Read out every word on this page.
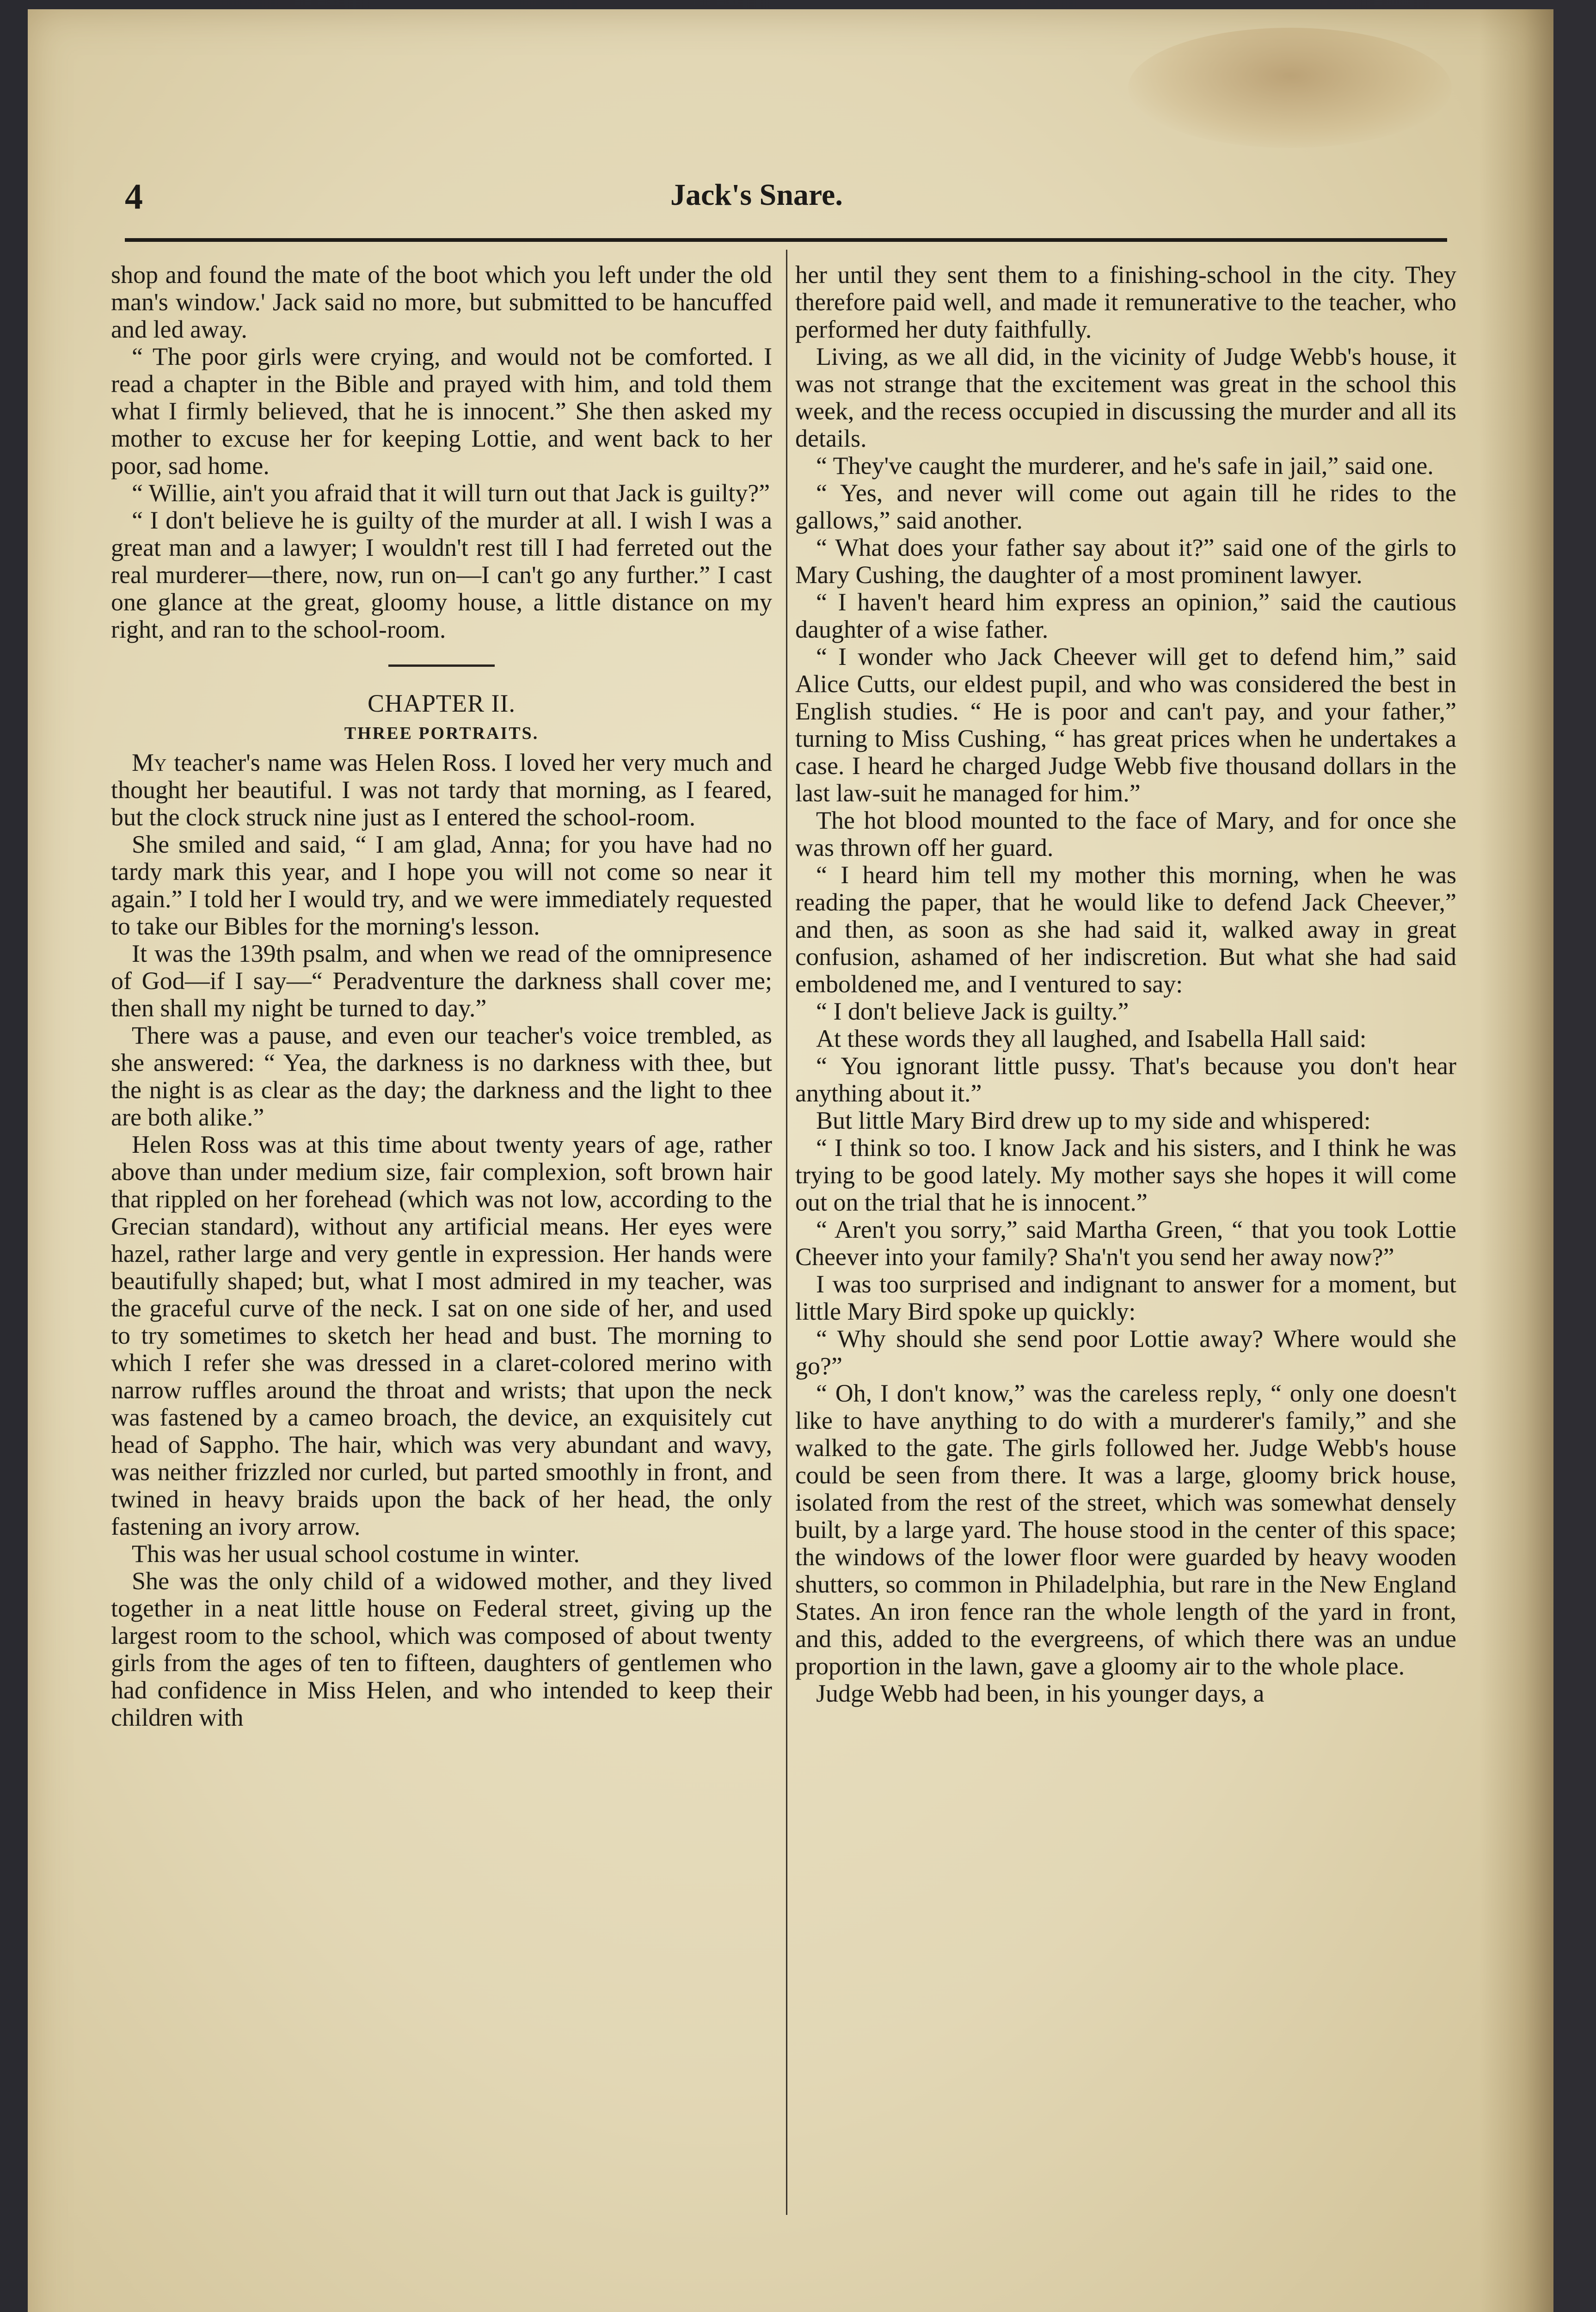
4	Jack's Snare.

shop and found the mate of the boot which you left under the old man's window.' Jack said no more, but submitted to be hancuffed and led away.

“ The poor girls were crying, and would not be comforted. I read a chapter in the Bible and prayed with him, and told them what I firmly believed, that he is innocent.” She then asked my mother to excuse her for keeping Lottie, and went back to her poor, sad home.

“ Willie, ain't you afraid that it will turn out that Jack is guilty?”

“ I don't believe he is guilty of the murder at all. I wish I was a great man and a lawyer; I wouldn't rest till I had ferreted out the real murderer—there, now, run on—I can't go any further.” I cast one glance at the great, gloomy house, a little distance on my right, and ran to the school-room.

CHAPTER II.
THREE PORTRAITS.

My teacher's name was Helen Ross. I loved her very much and thought her beautiful. I was not tardy that morning, as I feared, but the clock struck nine just as I entered the school-room.

She smiled and said, “ I am glad, Anna; for you have had no tardy mark this year, and I hope you will not come so near it again.” I told her I would try, and we were immediately requested to take our Bibles for the morning's lesson.

It was the 139th psalm, and when we read of the omnipresence of God—if I say—“ Peradventure the darkness shall cover me; then shall my night be turned to day.”

There was a pause, and even our teacher's voice trembled, as she answered: “ Yea, the darkness is no darkness with thee, but the night is as clear as the day; the darkness and the light to thee are both alike.”

Helen Ross was at this time about twenty years of age, rather above than under medium size, fair complexion, soft brown hair that rippled on her forehead (which was not low, according to the Grecian standard), without any artificial means. Her eyes were hazel, rather large and very gentle in expression. Her hands were beautifully shaped; but, what I most admired in my teacher, was the graceful curve of the neck. I sat on one side of her, and used to try sometimes to sketch her head and bust. The morning to which I refer she was dressed in a claret-colored merino with narrow ruffles around the throat and wrists; that upon the neck was fastened by a cameo broach, the device, an exquisitely cut head of Sappho. The hair, which was very abundant and wavy, was neither frizzled nor curled, but parted smoothly in front, and twined in heavy braids upon the back of her head, the only fastening an ivory arrow.

This was her usual school costume in winter.

She was the only child of a widowed mother, and they lived together in a neat little house on Federal street, giving up the largest room to the school, which was composed of about twenty girls from the ages of ten to fifteen, daughters of gentlemen who had confidence in Miss Helen, and who intended to keep their children with

her until they sent them to a finishing-school in the city. They therefore paid well, and made it remunerative to the teacher, who performed her duty faithfully.

Living, as we all did, in the vicinity of Judge Webb's house, it was not strange that the excitement was great in the school this week, and the recess occupied in discussing the murder and all its details.

“ They've caught the murderer, and he's safe in jail,” said one.

“ Yes, and never will come out again till he rides to the gallows,” said another.

“ What does your father say about it?” said one of the girls to Mary Cushing, the daughter of a most prominent lawyer.

“ I haven't heard him express an opinion,” said the cautious daughter of a wise father.

“ I wonder who Jack Cheever will get to defend him,” said Alice Cutts, our eldest pupil, and who was considered the best in English studies. “ He is poor and can't pay, and your father,” turning to Miss Cushing, “ has great prices when he undertakes a case. I heard he charged Judge Webb five thousand dollars in the last law-suit he managed for him.”

The hot blood mounted to the face of Mary, and for once she was thrown off her guard.

“ I heard him tell my mother this morning, when he was reading the paper, that he would like to defend Jack Cheever,” and then, as soon as she had said it, walked away in great confusion, ashamed of her indiscretion. But what she had said emboldened me, and I ventured to say:

“ I don't believe Jack is guilty.”

At these words they all laughed, and Isabella Hall said:

“ You ignorant little pussy. That's because you don't hear anything about it.”

But little Mary Bird drew up to my side and whispered:

“ I think so too. I know Jack and his sisters, and I think he was trying to be good lately. My mother says she hopes it will come out on the trial that he is innocent.”

“ Aren't you sorry,” said Martha Green, “ that you took Lottie Cheever into your family? Sha'n't you send her away now?”

I was too surprised and indignant to answer for a moment, but little Mary Bird spoke up quickly:

“ Why should she send poor Lottie away? Where would she go?”

“ Oh, I don't know,” was the careless reply, “ only one doesn't like to have anything to do with a murderer's family,” and she walked to the gate. The girls followed her. Judge Webb's house could be seen from there. It was a large, gloomy brick house, isolated from the rest of the street, which was somewhat densely built, by a large yard. The house stood in the center of this space; the windows of the lower floor were guarded by heavy wooden shutters, so common in Philadelphia, but rare in the New England States. An iron fence ran the whole length of the yard in front, and this, added to the evergreens, of which there was an undue proportion in the lawn, gave a gloomy air to the whole place.

Judge Webb had been, in his younger days, a
